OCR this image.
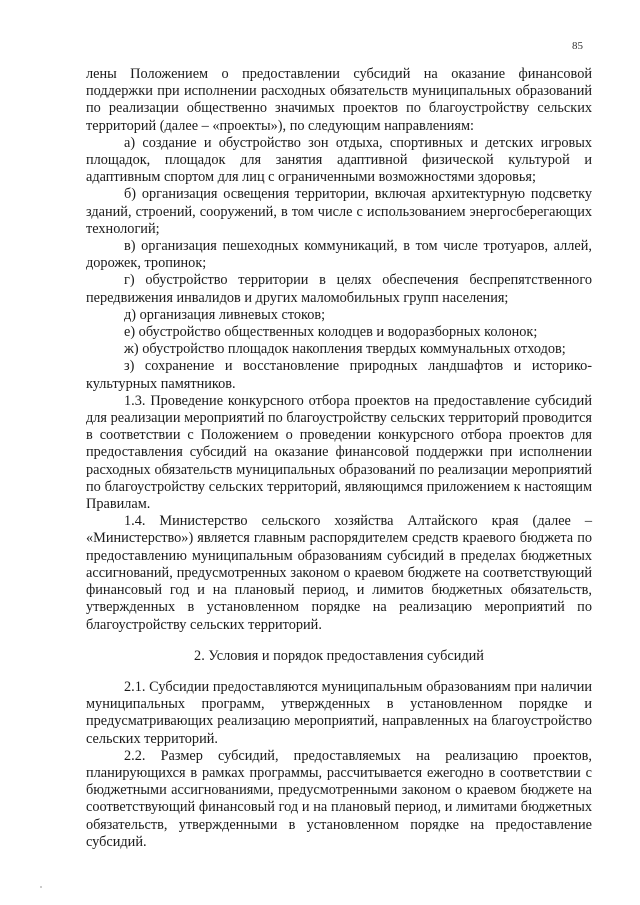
85

лены Положением о предоставлении субсидий на оказание финансовой поддержки при исполнении расходных обязательств муниципальных образований по реализации общественно значимых проектов по благоустройству сельских территорий (далее – «проекты»), по следующим направлениям:

а) создание и обустройство зон отдыха, спортивных и детских игровых площадок, площадок для занятия адаптивной физической культурой и адаптивным спортом для лиц с ограниченными возможностями здоровья;

б) организация освещения территории, включая архитектурную подсветку зданий, строений, сооружений, в том числе с использованием энергосберегающих технологий;

в) организация пешеходных коммуникаций, в том числе тротуаров, аллей, дорожек, тропинок;

г) обустройство территории в целях обеспечения беспрепятственного передвижения инвалидов и других маломобильных групп населения;

д) организация ливневых стоков;

е) обустройство общественных колодцев и водоразборных колонок;

ж) обустройство площадок накопления твердых коммунальных отходов;

з) сохранение и восстановление природных ландшафтов и историко-культурных памятников.

1.3. Проведение конкурсного отбора проектов на предоставление субсидий для реализации мероприятий по благоустройству сельских территорий проводится в соответствии с Положением о проведении конкурсного отбора проектов для предоставления субсидий на оказание финансовой поддержки при исполнении расходных обязательств муниципальных образований по реализации мероприятий по благоустройству сельских территорий, являющимся приложением к настоящим Правилам.

1.4. Министерство сельского хозяйства Алтайского края (далее – «Министерство») является главным распорядителем средств краевого бюджета по предоставлению муниципальным образованиям субсидий в пределах бюджетных ассигнований, предусмотренных законом о краевом бюджете на соответствующий финансовый год и на плановый период, и лимитов бюджетных обязательств, утвержденных в установленном порядке на реализацию мероприятий по благоустройству сельских территорий.

2. Условия и порядок предоставления субсидий

2.1. Субсидии предоставляются муниципальным образованиям при наличии муниципальных программ, утвержденных в установленном порядке и предусматривающих реализацию мероприятий, направленных на благоустройство сельских территорий.

2.2. Размер субсидий, предоставляемых на реализацию проектов, планирующихся в рамках программы, рассчитывается ежегодно в соответствии с бюджетными ассигнованиями, предусмотренными законом о краевом бюджете на соответствующий финансовый год и на плановый период, и лимитами бюджетных обязательств, утвержденными в установленном порядке на предоставление субсидий.
